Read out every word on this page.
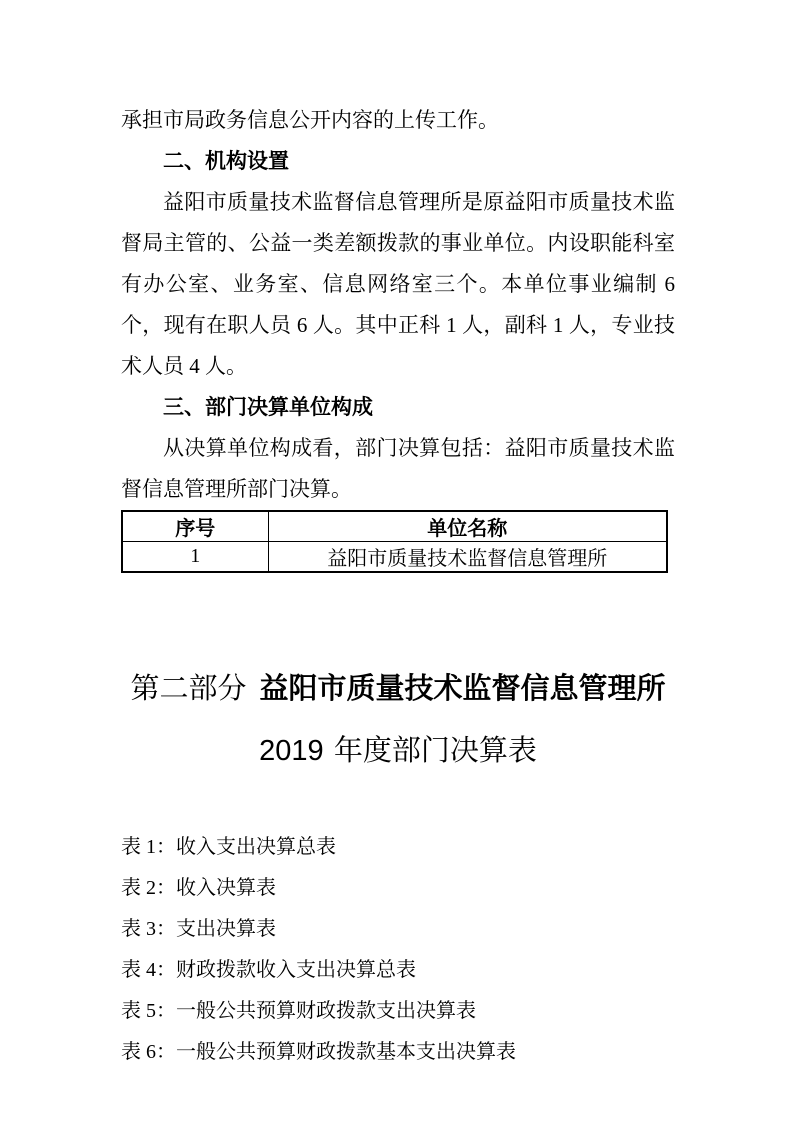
承担市局政务信息公开内容的上传工作。

二、机构设置

益阳市质量技术监督信息管理所是原益阳市质量技术监督局主管的、公益一类差额拨款的事业单位。内设职能科室有办公室、业务室、信息网络室三个。本单位事业编制 6 个，现有在职人员 6 人。其中正科 1 人，副科 1 人，专业技术人员 4 人。

三、部门决算单位构成

从决算单位构成看，部门决算包括：益阳市质量技术监督信息管理所部门决算。

序号	单位名称
1	益阳市质量技术监督信息管理所
第二部分 益阳市质量技术监督信息管理所
2019 年度部门决算表

表 1：收入支出决算总表

表 2：收入决算表

表 3：支出决算表

表 4：财政拨款收入支出决算总表

表 5：一般公共预算财政拨款支出决算表

表 6：一般公共预算财政拨款基本支出决算表
